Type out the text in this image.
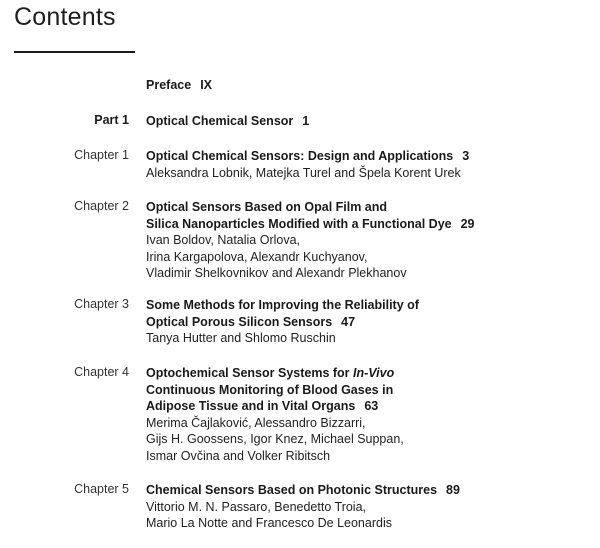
Contents
Preface IX
Part 1 Optical Chemical Sensor 1
Chapter 1 Optical Chemical Sensors: Design and Applications 3
Aleksandra Lobnik, Matejka Turel and Špela Korent Urek
Chapter 2 Optical Sensors Based on Opal Film and
Silica Nanoparticles Modified with a Functional Dye 29
Ivan Boldov, Natalia Orlova,
Irina Kargapolova, Alexandr Kuchyanov,
Vladimir Shelkovnikov and Alexandr Plekhanov
Chapter 3 Some Methods for Improving the Reliability of
Optical Porous Silicon Sensors 47
Tanya Hutter and Shlomo Ruschin
Chapter 4 Optochemical Sensor Systems for In-Vivo
Continuous Monitoring of Blood Gases in
Adipose Tissue and in Vital Organs 63
Merima Čajlaković, Alessandro Bizzarri,
Gijs H. Goossens, Igor Knez, Michael Suppan,
Ismar Ovčina and Volker Ribitsch
Chapter 5 Chemical Sensors Based on Photonic Structures 89
Vittorio M. N. Passaro, Benedetto Troia,
Mario La Notte and Francesco De Leonardis
